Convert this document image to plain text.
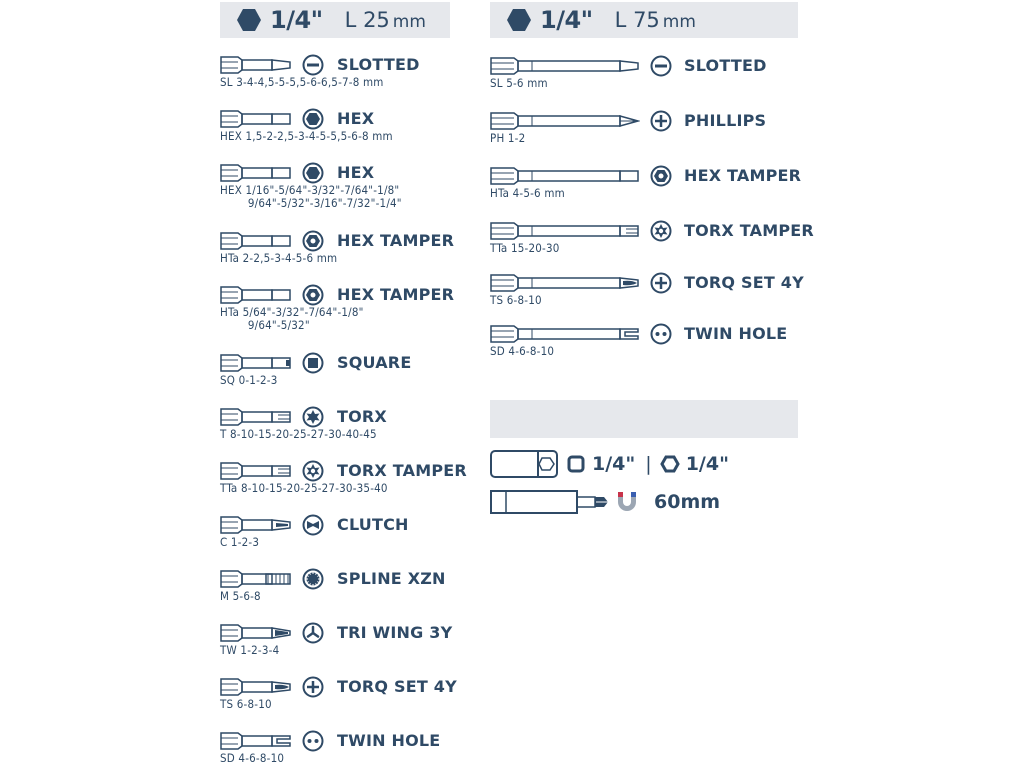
1/4" L 25 mm	1/4" L 75 mm
SLOTTED
SL 3-4-4,5-5-5,5-6-6,5-7-8 mm
HEX
HEX 1,5-2-2,5-3-4-5-5,5-6-8 mm
HEX
HEX 1/16"-5/64"-3/32"-7/64"-1/8"
9/64"-5/32"-3/16"-7/32"-1/4"
HEX TAMPER
HTa 2-2,5-3-4-5-6 mm
HEX TAMPER
HTa 5/64"-3/32"-7/64"-1/8"
9/64"-5/32"
SQUARE
SQ 0-1-2-3
TORX
T 8-10-15-20-25-27-30-40-45
TORX TAMPER
TTa 8-10-15-20-25-27-30-35-40
CLUTCH
C 1-2-3
SPLINE XZN
M 5-6-8
TRI WING 3Y
TW 1-2-3-4
TORQ SET 4Y
TS 6-8-10
TWIN HOLE
SD 4-6-8-10
SLOTTED
SL 5-6 mm
PHILLIPS
PH 1-2
HEX TAMPER
HTa 4-5-6 mm
TORX TAMPER
TTa 15-20-30
TORQ SET 4Y
TS 6-8-10
TWIN HOLE
SD 4-6-8-10
1/4" | 1/4"
60mm
